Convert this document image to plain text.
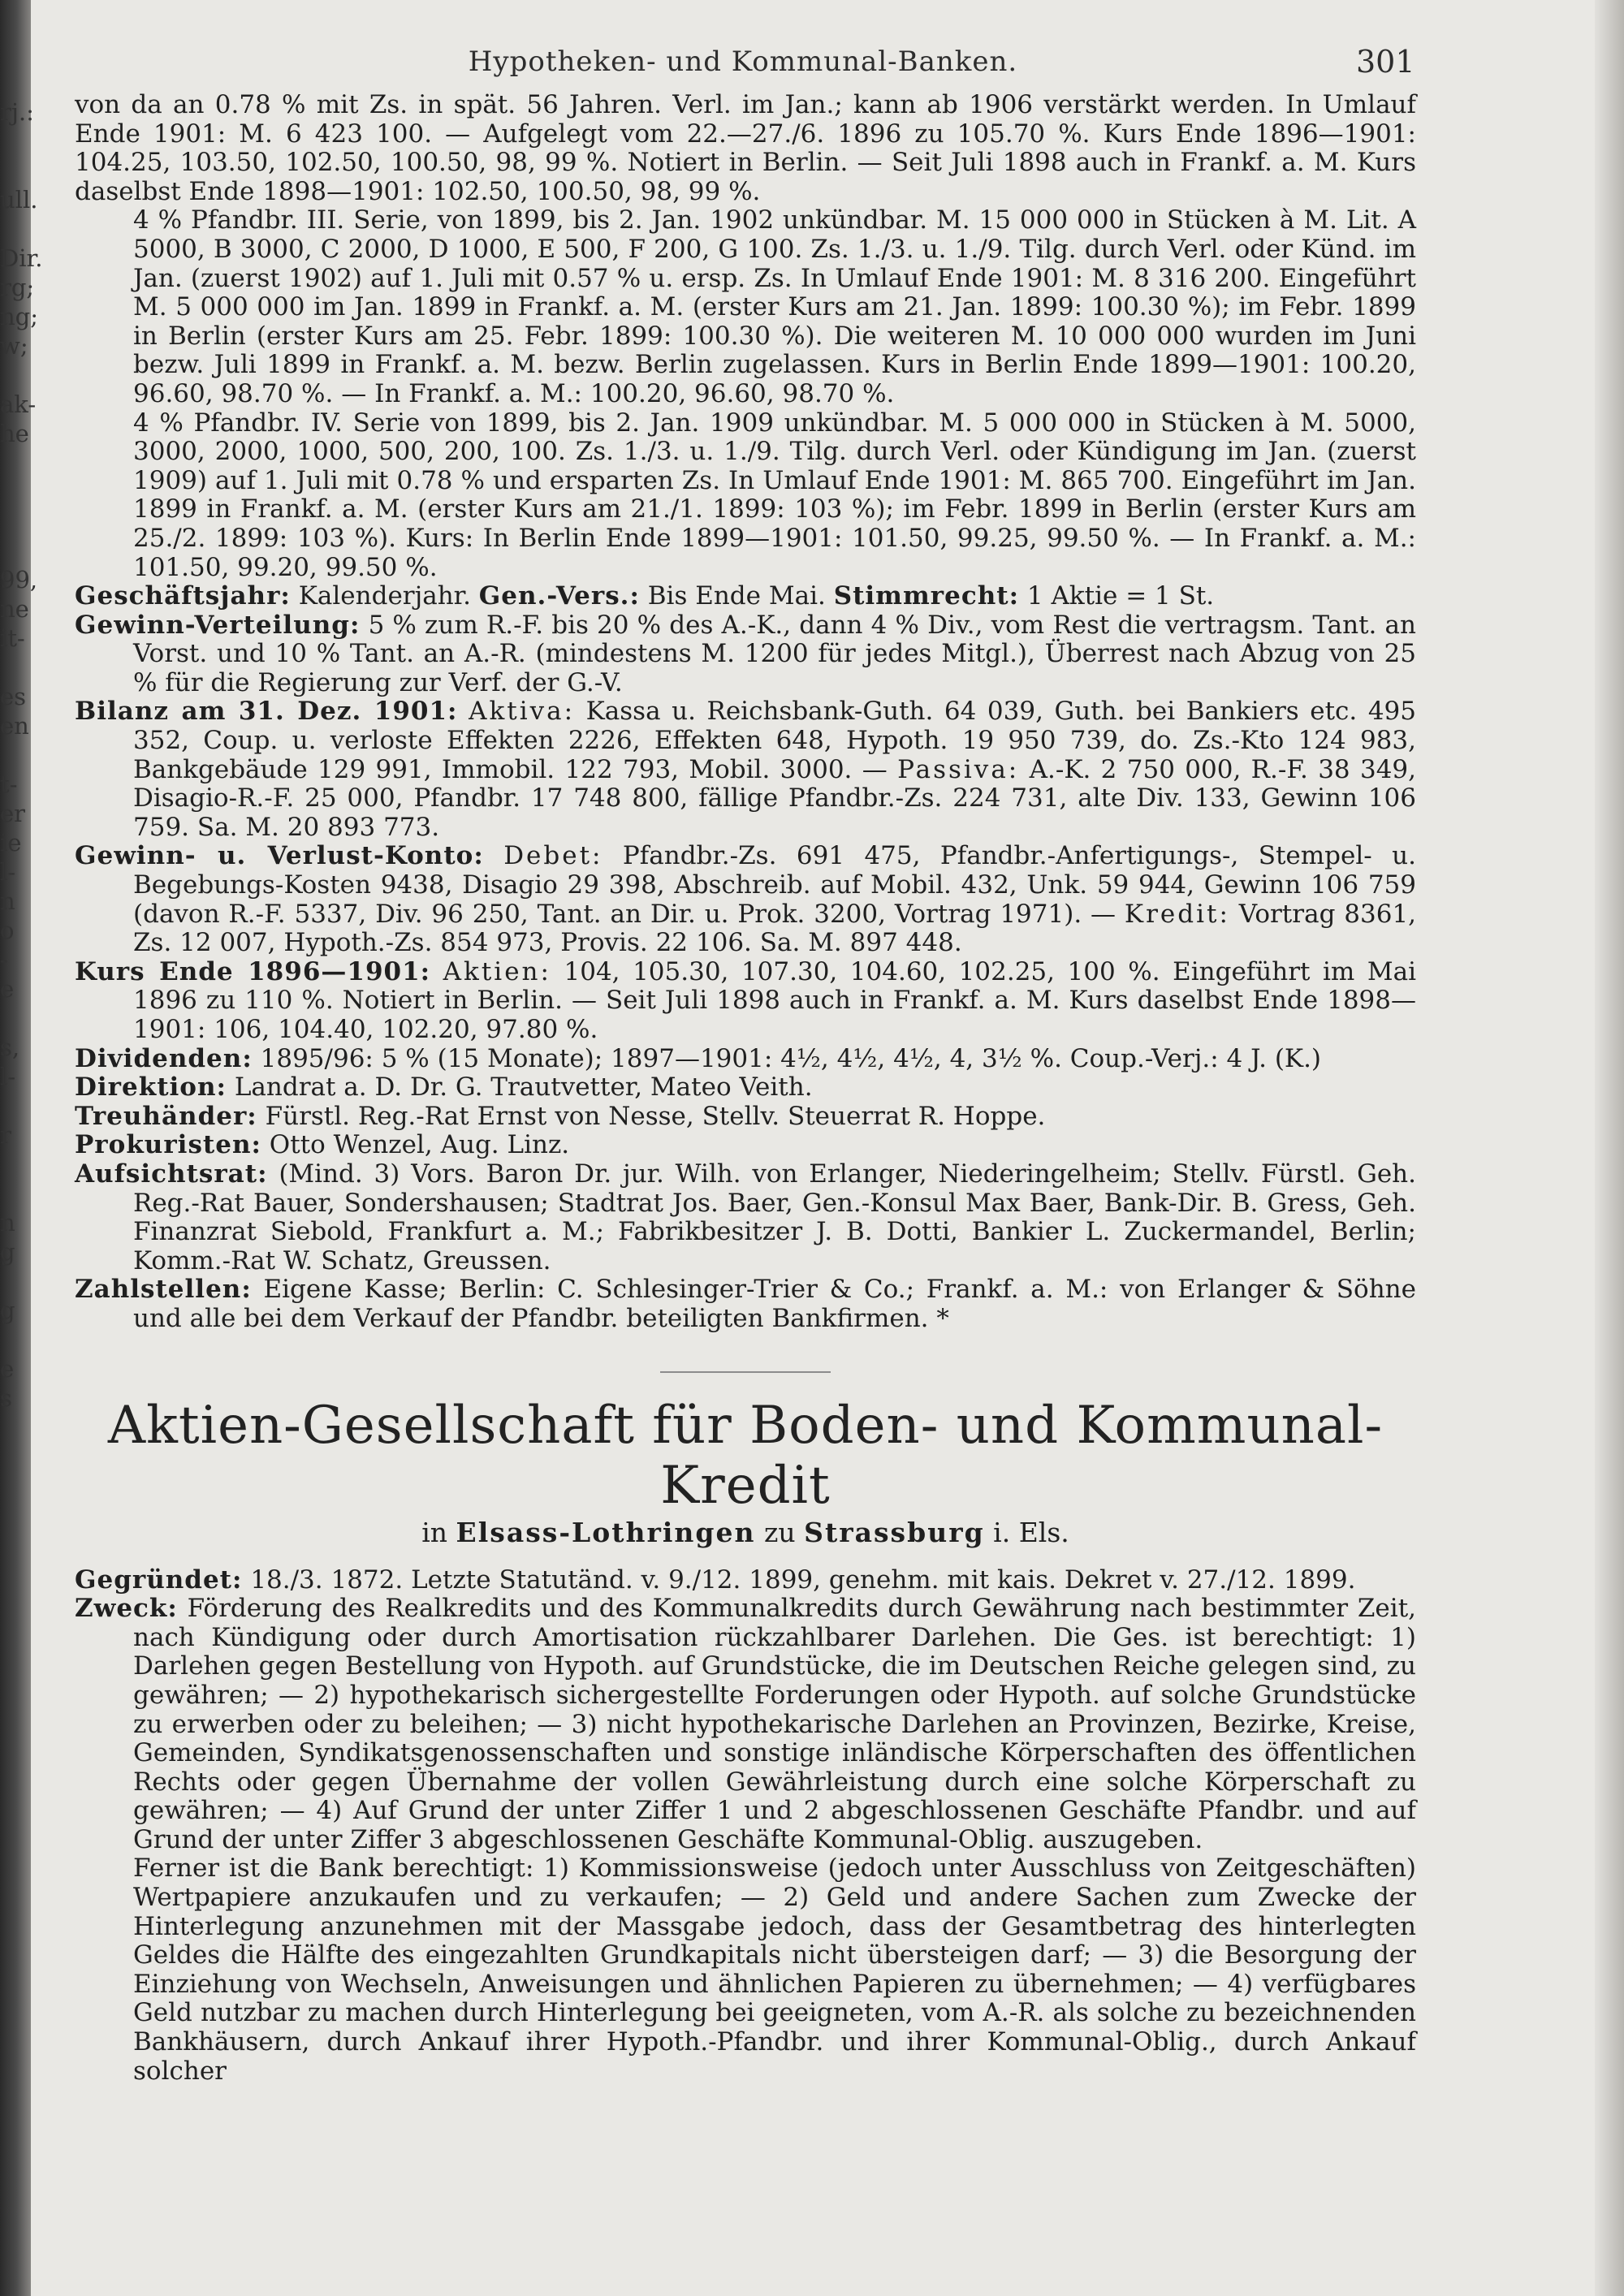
rj.:
ull.
Dir.
rg;
ng;
w;
ak-
he
99,
ne
it-
es
en
t-
er
ie
l-
n
o
-
e
s,
l-
r
n
g
g
e
s
Hypotheken- und Kommunal-Banken.	301

von da an 0.78 % mit Zs. in spät. 56 Jahren. Verl. im Jan.; kann ab 1906 verstärkt werden. In Umlauf Ende 1901: M. 6 423 100. — Aufgelegt vom 22.—27./6. 1896 zu 105.70 %. Kurs Ende 1896—1901: 104.25, 103.50, 102.50, 100.50, 98, 99 %. Notiert in Berlin. — Seit Juli 1898 auch in Frankf. a. M. Kurs daselbst Ende 1898—1901: 102.50, 100.50, 98, 99 %.

4 % Pfandbr. III. Serie, von 1899, bis 2. Jan. 1902 unkündbar. M. 15 000 000 in Stücken à M. Lit. A 5000, B 3000, C 2000, D 1000, E 500, F 200, G 100. Zs. 1./3. u. 1./9. Tilg. durch Verl. oder Künd. im Jan. (zuerst 1902) auf 1. Juli mit 0.57 % u. ersp. Zs. In Umlauf Ende 1901: M. 8 316 200. Eingeführt M. 5 000 000 im Jan. 1899 in Frankf. a. M. (erster Kurs am 21. Jan. 1899: 100.30 %); im Febr. 1899 in Berlin (erster Kurs am 25. Febr. 1899: 100.30 %). Die weiteren M. 10 000 000 wurden im Juni bezw. Juli 1899 in Frankf. a. M. bezw. Berlin zugelassen. Kurs in Berlin Ende 1899—1901: 100.20, 96.60, 98.70 %. — In Frankf. a. M.: 100.20, 96.60, 98.70 %.

4 % Pfandbr. IV. Serie von 1899, bis 2. Jan. 1909 unkündbar. M. 5 000 000 in Stücken à M. 5000, 3000, 2000, 1000, 500, 200, 100. Zs. 1./3. u. 1./9. Tilg. durch Verl. oder Kündigung im Jan. (zuerst 1909) auf 1. Juli mit 0.78 % und ersparten Zs. In Umlauf Ende 1901: M. 865 700. Eingeführt im Jan. 1899 in Frankf. a. M. (erster Kurs am 21./1. 1899: 103 %); im Febr. 1899 in Berlin (erster Kurs am 25./2. 1899: 103 %). Kurs: In Berlin Ende 1899—1901: 101.50, 99.25, 99.50 %. — In Frankf. a. M.: 101.50, 99.20, 99.50 %.

Geschäftsjahr: Kalenderjahr. Gen.-Vers.: Bis Ende Mai. Stimmrecht: 1 Aktie = 1 St.

Gewinn-Verteilung: 5 % zum R.-F. bis 20 % des A.-K., dann 4 % Div., vom Rest die vertragsm. Tant. an Vorst. und 10 % Tant. an A.-R. (mindestens M. 1200 für jedes Mitgl.), Überrest nach Abzug von 25 % für die Regierung zur Verf. der G.-V.

Bilanz am 31. Dez. 1901: Aktiva: Kassa u. Reichsbank-Guth. 64 039, Guth. bei Bankiers etc. 495 352, Coup. u. verloste Effekten 2226, Effekten 648, Hypoth. 19 950 739, do. Zs.-Kto 124 983, Bankgebäude 129 991, Immobil. 122 793, Mobil. 3000. — Passiva: A.-K. 2 750 000, R.-F. 38 349, Disagio-R.-F. 25 000, Pfandbr. 17 748 800, fällige Pfandbr.-Zs. 224 731, alte Div. 133, Gewinn 106 759. Sa. M. 20 893 773.

Gewinn- u. Verlust-Konto: Debet: Pfandbr.-Zs. 691 475, Pfandbr.-Anfertigungs-, Stempel- u. Begebungs-Kosten 9438, Disagio 29 398, Abschreib. auf Mobil. 432, Unk. 59 944, Gewinn 106 759 (davon R.-F. 5337, Div. 96 250, Tant. an Dir. u. Prok. 3200, Vortrag 1971). — Kredit: Vortrag 8361, Zs. 12 007, Hypoth.-Zs. 854 973, Provis. 22 106. Sa. M. 897 448.

Kurs Ende 1896—1901: Aktien: 104, 105.30, 107.30, 104.60, 102.25, 100 %. Eingeführt im Mai 1896 zu 110 %. Notiert in Berlin. — Seit Juli 1898 auch in Frankf. a. M. Kurs daselbst Ende 1898—1901: 106, 104.40, 102.20, 97.80 %.

Dividenden: 1895/96: 5 % (15 Monate); 1897—1901: 4½, 4½, 4½, 4, 3½ %. Coup.-Verj.: 4 J. (K.)

Direktion: Landrat a. D. Dr. G. Trautvetter, Mateo Veith.

Treuhänder: Fürstl. Reg.-Rat Ernst von Nesse, Stellv. Steuerrat R. Hoppe.

Prokuristen: Otto Wenzel, Aug. Linz.

Aufsichtsrat: (Mind. 3) Vors. Baron Dr. jur. Wilh. von Erlanger, Niederingelheim; Stellv. Fürstl. Geh. Reg.-Rat Bauer, Sondershausen; Stadtrat Jos. Baer, Gen.-Konsul Max Baer, Bank-Dir. B. Gress, Geh. Finanzrat Siebold, Frankfurt a. M.; Fabrikbesitzer J. B. Dotti, Bankier L. Zuckermandel, Berlin; Komm.-Rat W. Schatz, Greussen.

Zahlstellen: Eigene Kasse; Berlin: C. Schlesinger-Trier & Co.; Frankf. a. M.: von Erlanger & Söhne und alle bei dem Verkauf der Pfandbr. beteiligten Bankfirmen. *

Aktien-Gesellschaft für Boden- und Kommunal-Kredit
in Elsass-Lothringen zu Strassburg i. Els.

Gegründet: 18./3. 1872. Letzte Statutänd. v. 9./12. 1899, genehm. mit kais. Dekret v. 27./12. 1899.

Zweck: Förderung des Realkredits und des Kommunalkredits durch Gewährung nach bestimmter Zeit, nach Kündigung oder durch Amortisation rückzahlbarer Darlehen. Die Ges. ist berechtigt: 1) Darlehen gegen Bestellung von Hypoth. auf Grundstücke, die im Deutschen Reiche gelegen sind, zu gewähren; — 2) hypothekarisch sichergestellte Forderungen oder Hypoth. auf solche Grundstücke zu erwerben oder zu beleihen; — 3) nicht hypothekarische Darlehen an Provinzen, Bezirke, Kreise, Gemeinden, Syndikatsgenossenschaften und sonstige inländische Körperschaften des öffentlichen Rechts oder gegen Übernahme der vollen Gewährleistung durch eine solche Körperschaft zu gewähren; — 4) Auf Grund der unter Ziffer 1 und 2 abgeschlossenen Geschäfte Pfandbr. und auf Grund der unter Ziffer 3 abgeschlossenen Geschäfte Kommunal-Oblig. auszugeben.

Ferner ist die Bank berechtigt: 1) Kommissionsweise (jedoch unter Ausschluss von Zeitgeschäften) Wertpapiere anzukaufen und zu verkaufen; — 2) Geld und andere Sachen zum Zwecke der Hinterlegung anzunehmen mit der Massgabe jedoch, dass der Gesamtbetrag des hinterlegten Geldes die Hälfte des eingezahlten Grundkapitals nicht übersteigen darf; — 3) die Besorgung der Einziehung von Wechseln, Anweisungen und ähnlichen Papieren zu übernehmen; — 4) verfügbares Geld nutzbar zu machen durch Hinterlegung bei geeigneten, vom A.-R. als solche zu bezeichnenden Bankhäusern, durch Ankauf ihrer Hypoth.-Pfandbr. und ihrer Kommunal-Oblig., durch Ankauf solcher
